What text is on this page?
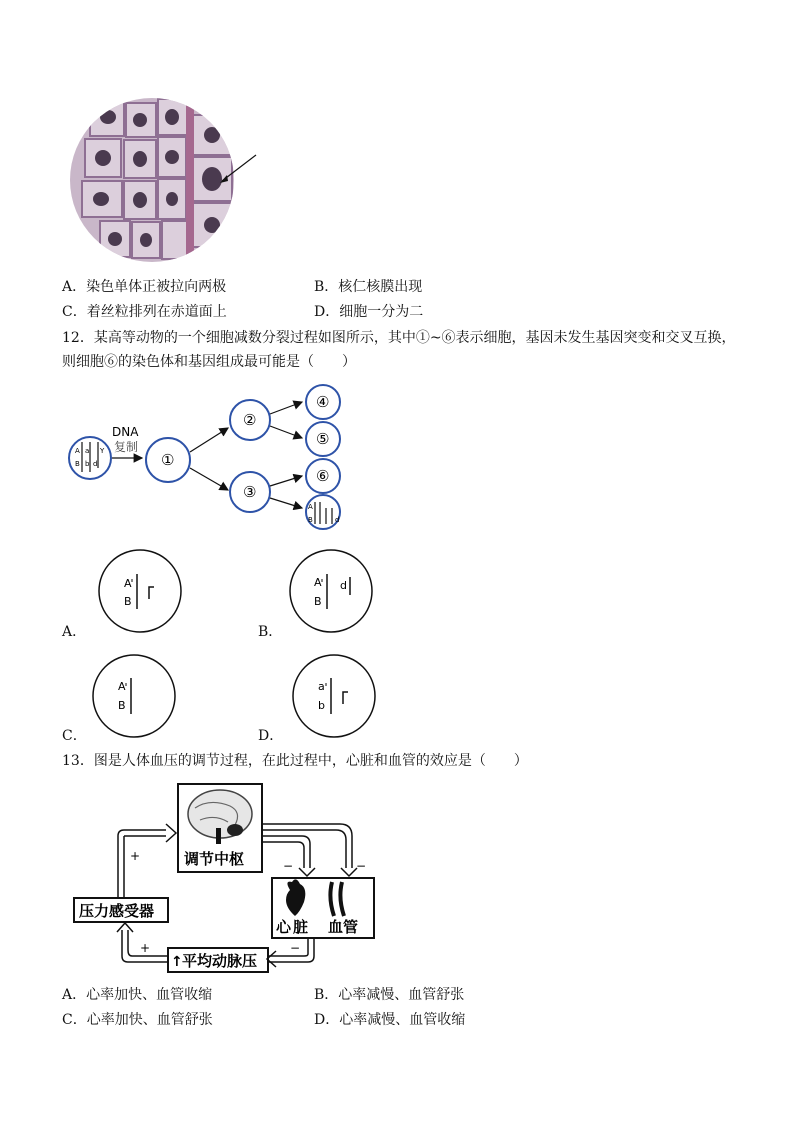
A．染色单体正被拉向两极	B．核仁核膜出现
C．着丝粒排列在赤道面上	D．细胞一分为二
12．某高等动物的一个细胞减数分裂过程如图所示，其中①~⑥表示细胞，基因未发生基因突变和交叉互换，
则细胞⑥的染色体和基因组成最可能是（　　）
A a Y
B b d
DNA
复制
①
②
③
④
⑤
⑥
A
B	d
A
B
A．
A
B
d
B．
A
B
C．
a
b
D．
13．图是人体血压的调节过程，在此过程中，心脏和血管的效应是（　　）
调节中枢
心 脏 血管
压力感受器
↑ 平均动脉压
+
−	−
−
+
A．心率加快、血管收缩	B．心率减慢、血管舒张
C．心率加快、血管舒张	D．心率减慢、血管收缩
